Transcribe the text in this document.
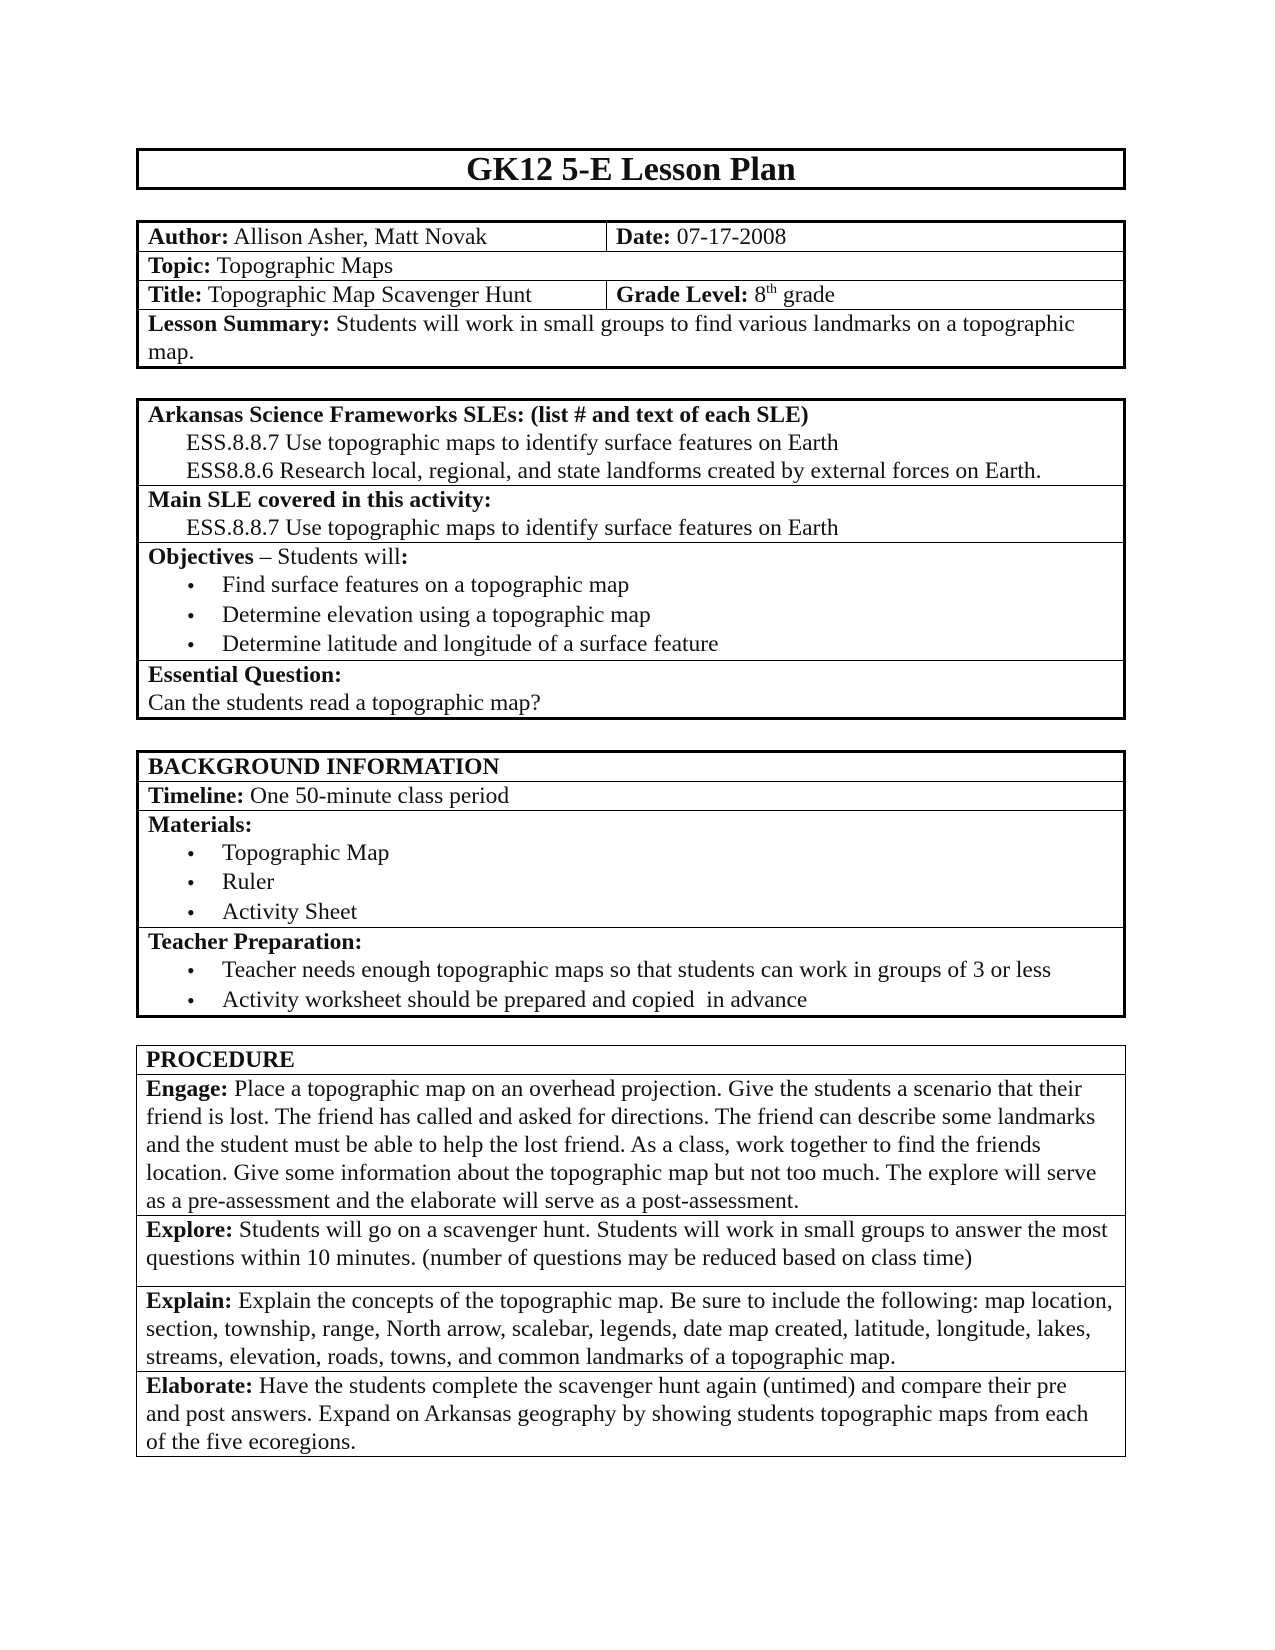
GK12 5-E Lesson Plan
Author: Allison Asher, Matt Novak	Date: 07-17-2008
Topic: Topographic Maps	
Title: Topographic Map Scavenger Hunt	Grade Level: 8th grade
Lesson Summary: Students will work in small groups to find various landmarks on a topographic map.	
Arkansas Science Frameworks SLEs: (list # and text of each SLE)
ESS.8.8.7 Use topographic maps to identify surface features on Earth
ESS8.8.6 Research local, regional, and state landforms created by external forces on Earth.

Main SLE covered in this activity:
ESS.8.8.7 Use topographic maps to identify surface features on Earth

Objectives – Students will:
• Find surface features on a topographic map
• Determine elevation using a topographic map
• Determine latitude and longitude of a surface feature

Essential Question:
Can the students read a topographic map?
BACKGROUND INFORMATION
Timeline: One 50-minute class period
Materials:
• Topographic Map
• Ruler
• Activity Sheet

Teacher Preparation:
• Teacher needs enough topographic maps so that students can work in groups of 3 or less
• Activity worksheet should be prepared and copied  in advance
PROCEDURE
Engage: Place a topographic map on an overhead projection. Give the students a scenario that their friend is lost. The friend has called and asked for directions. The friend can describe some landmarks and the student must be able to help the lost friend. As a class, work together to find the friends location. Give some information about the topographic map but not too much. The explore will serve as a pre-assessment and the elaborate will serve as a post-assessment.
Explore: Students will go on a scavenger hunt. Students will work in small groups to answer the most questions within 10 minutes. (number of questions may be reduced based on class time)
Explain: Explain the concepts of the topographic map. Be sure to include the following: map location, section, township, range, North arrow, scalebar, legends, date map created, latitude, longitude, lakes, streams, elevation, roads, towns, and common landmarks of a topographic map.
Elaborate: Have the students complete the scavenger hunt again (untimed) and compare their pre and post answers. Expand on Arkansas geography by showing students topographic maps from each of the five ecoregions.
